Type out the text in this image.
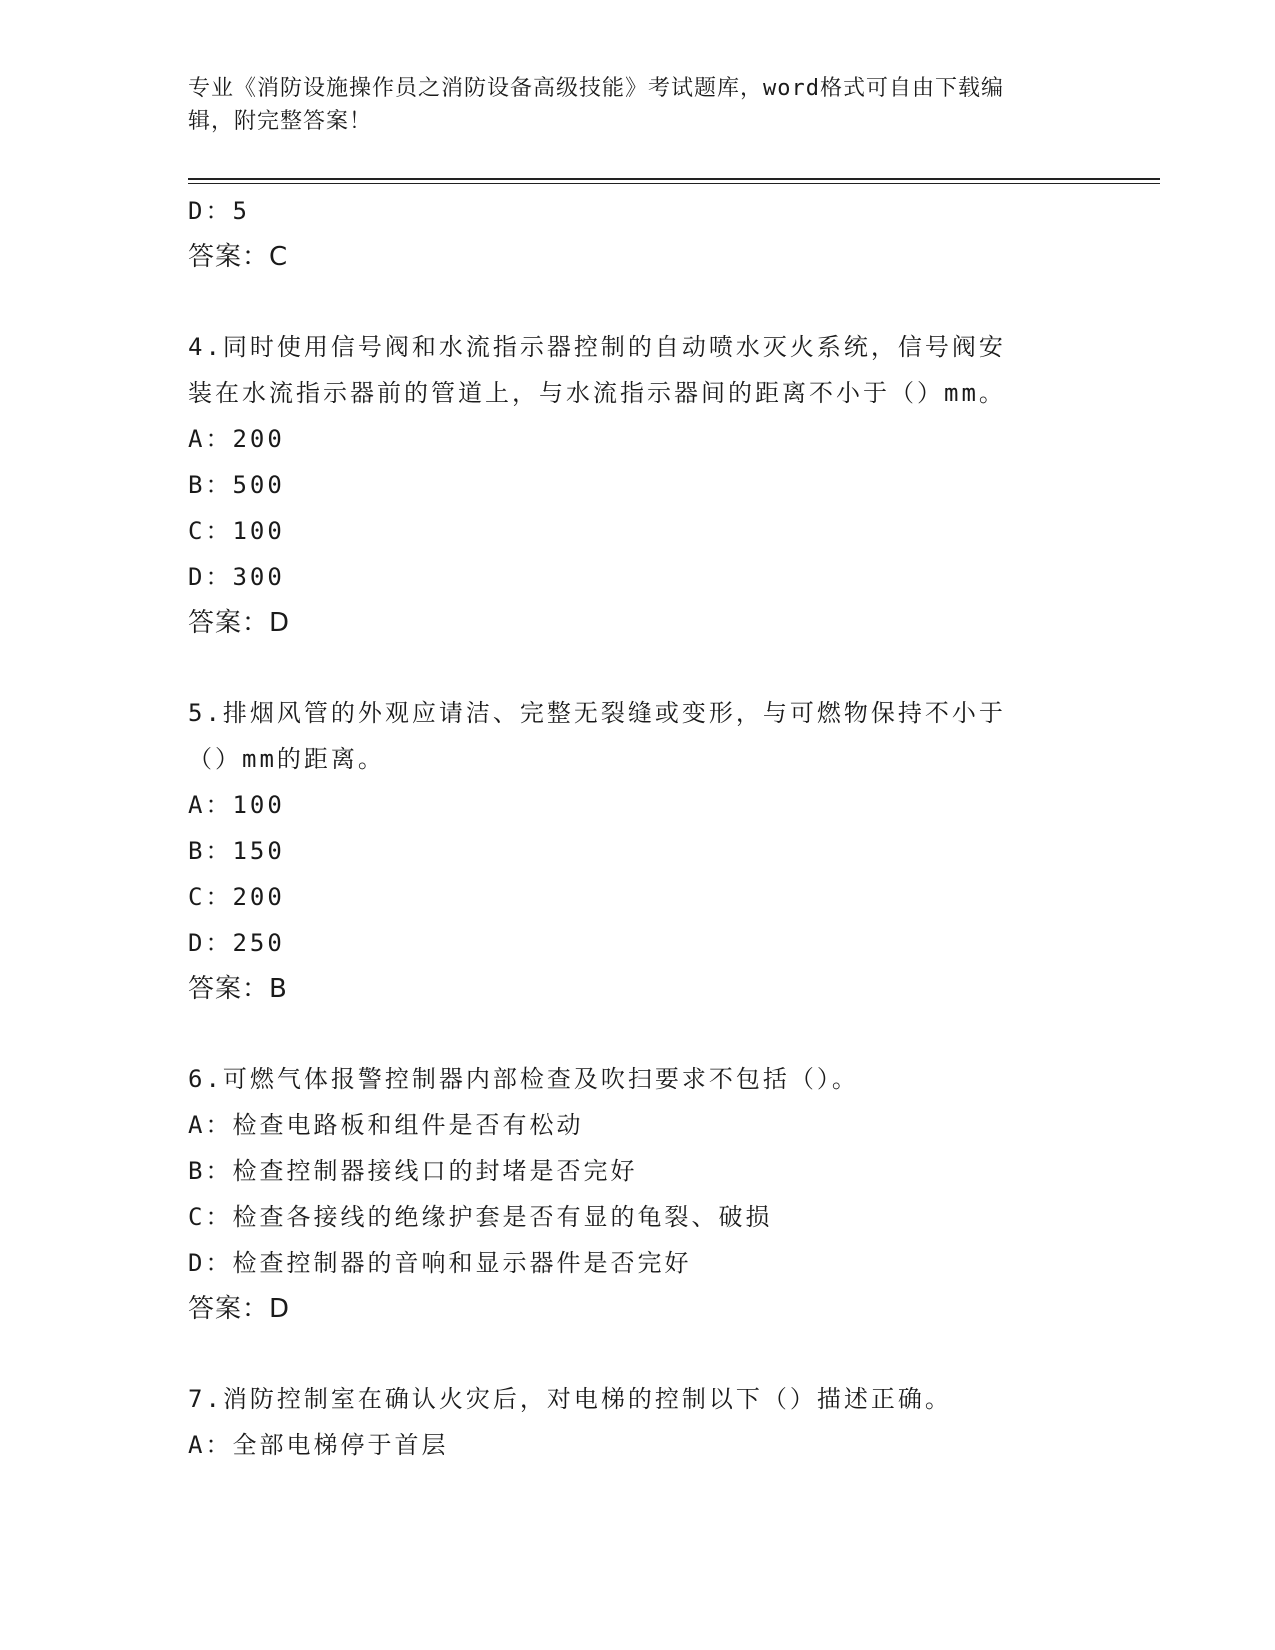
专业《消防设施操作员之消防设备高级技能》考试题库，word格式可自由下载编
辑，附完整答案！
D：5
答案：C
4.同时使用信号阀和水流指示器控制的自动喷水灭火系统，信号阀安
装在水流指示器前的管道上，与水流指示器间的距离不小于（）mm。
A：200
B：500
C：100
D：300
答案：D
5.排烟风管的外观应请洁、完整无裂缝或变形，与可燃物保持不小于
（）mm的距离。
A：100
B：150
C：200
D：250
答案：B
6.可燃气体报警控制器内部检查及吹扫要求不包括（）。
A：检查电路板和组件是否有松动
B：检查控制器接线口的封堵是否完好
C：检查各接线的绝缘护套是否有显的龟裂、破损
D：检查控制器的音响和显示器件是否完好
答案：D
7.消防控制室在确认火灾后，对电梯的控制以下（）描述正确。
A：全部电梯停于首层
